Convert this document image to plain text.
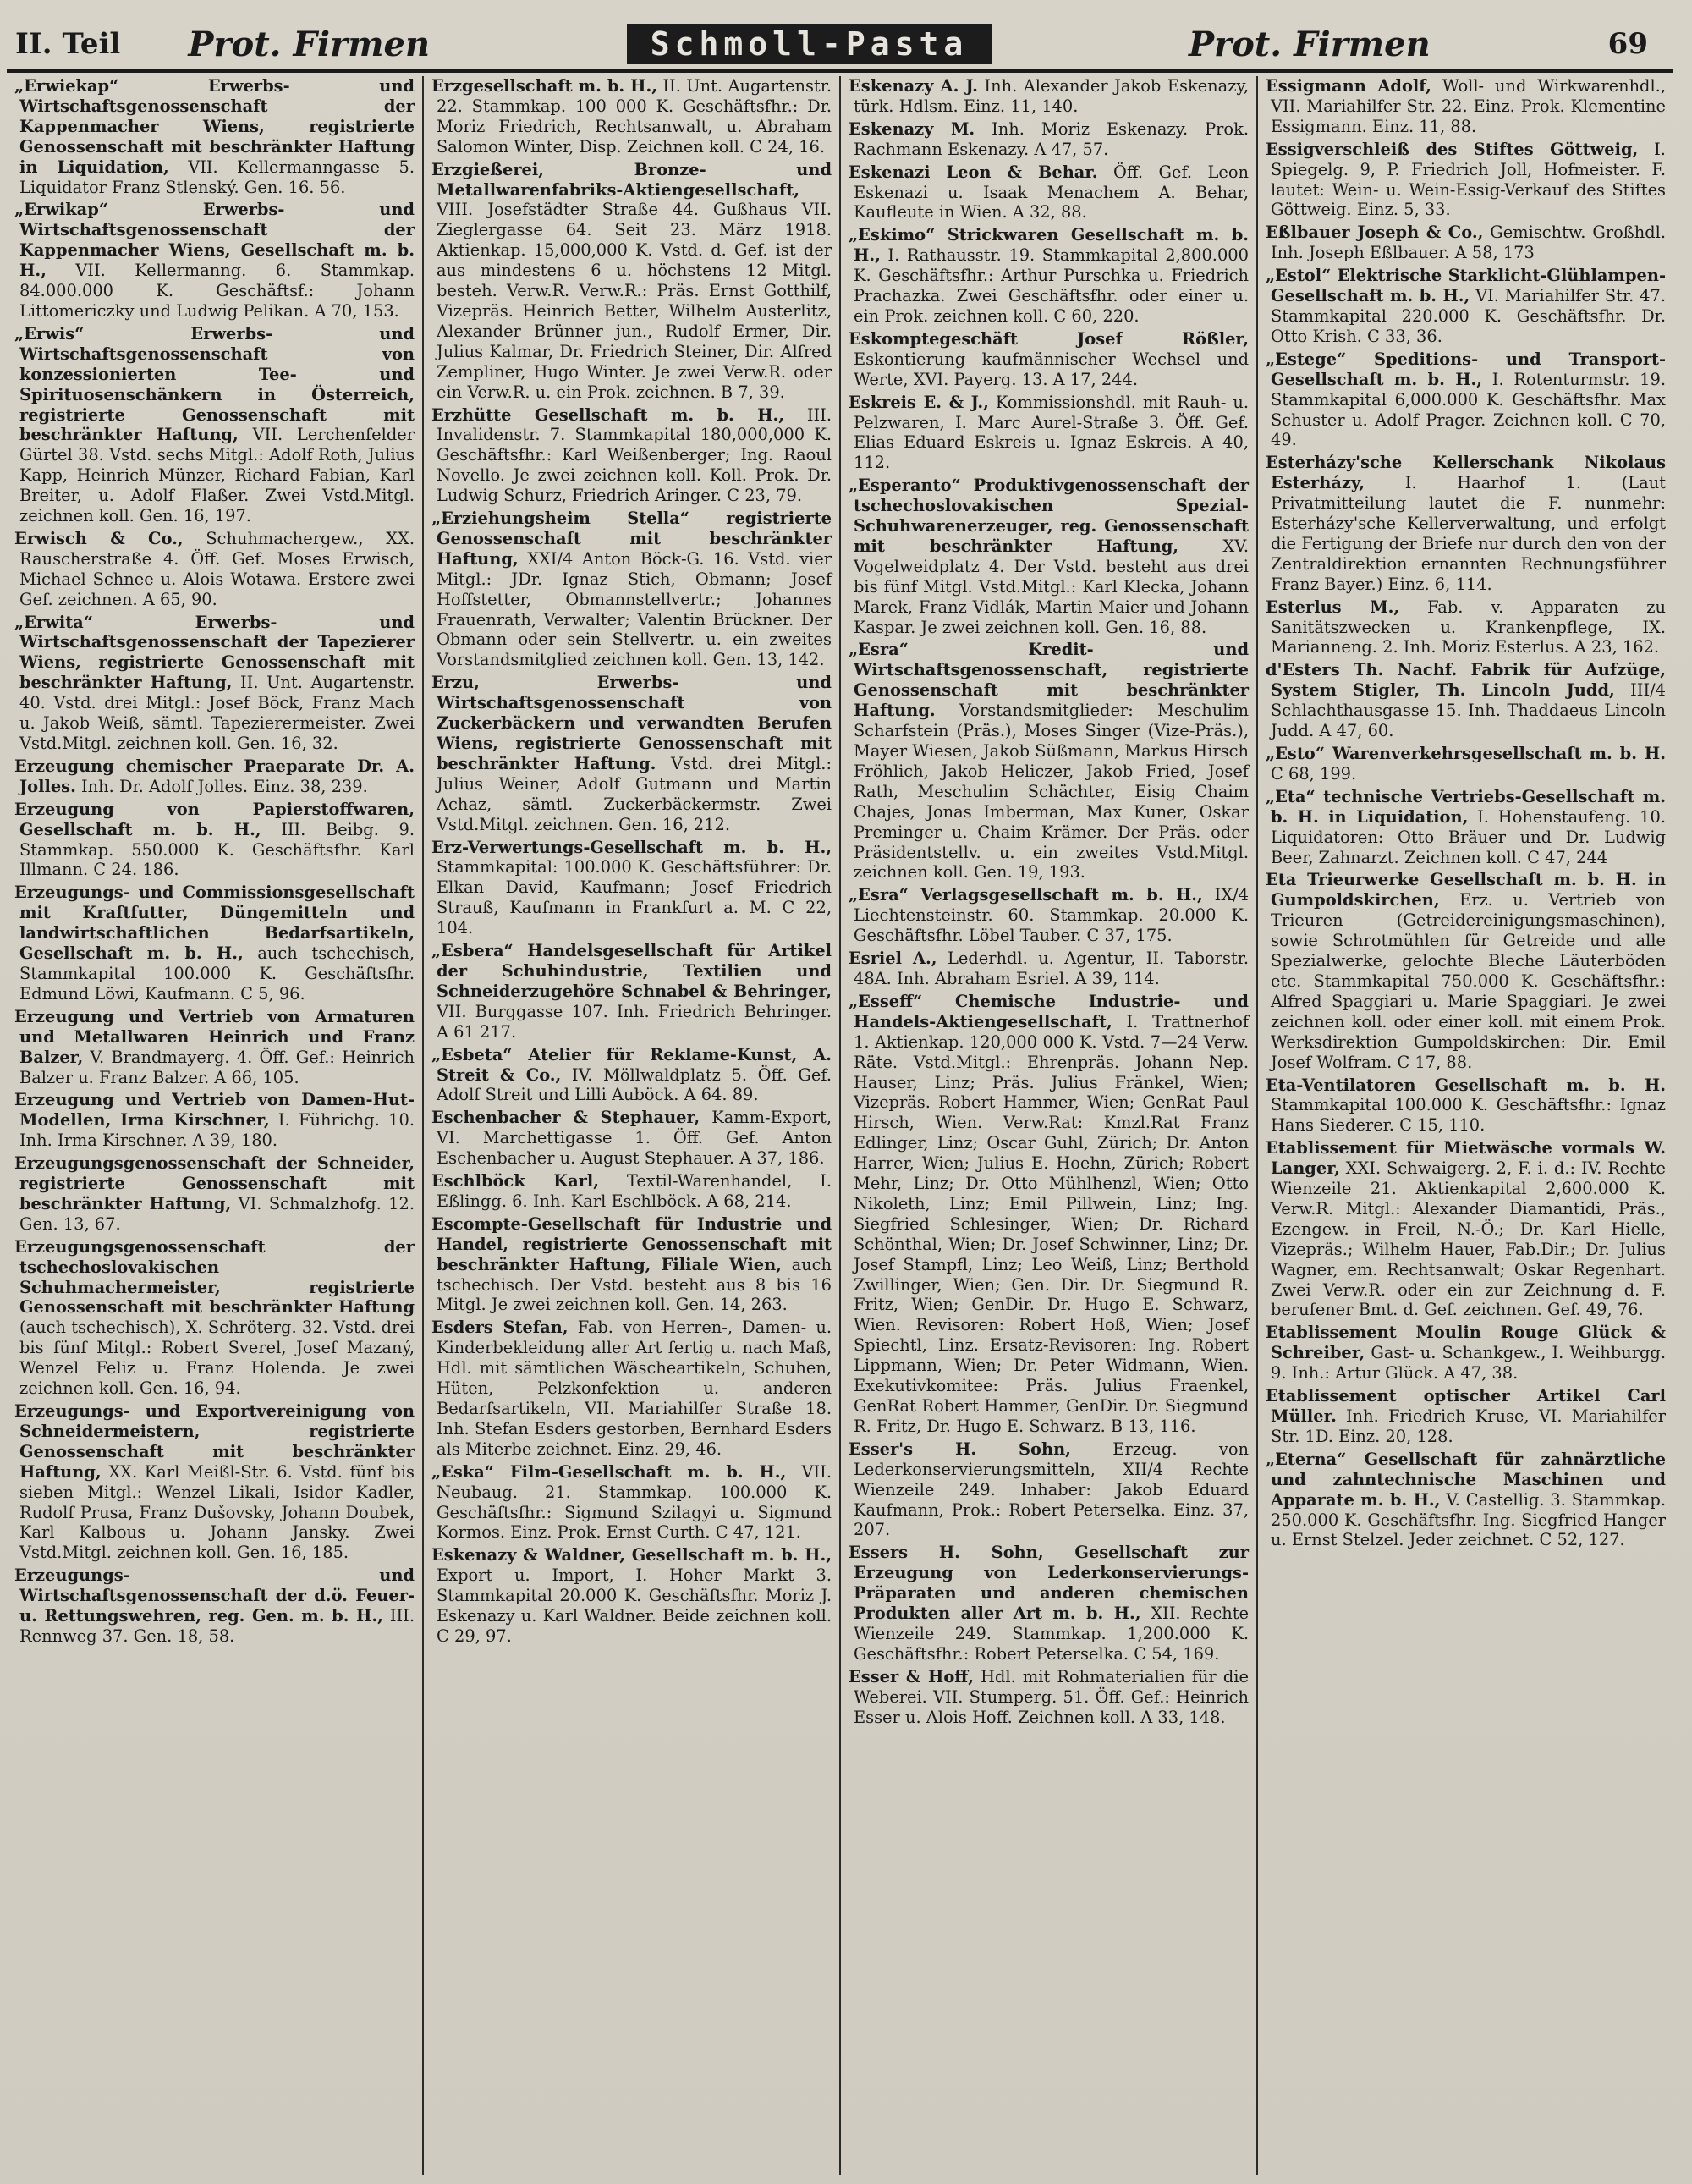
II. Teil Prot. Firmen	Schmoll-Pasta	Prot. Firmen	69

„Erwiekap“ Erwerbs- und Wirtschaftsgenossenschaft der Kappenmacher Wiens, registrierte Genossenschaft mit beschränkter Haftung in Liquidation, VII. Kellermanngasse 5. Liquidator Franz Stlenský. Gen. 16. 56.

„Erwikap“ Erwerbs- und Wirtschaftsgenossenschaft der Kappenmacher Wiens, Gesellschaft m. b. H., VII. Kellermanng. 6. Stammkap. 84.000.000 K. Geschäftsf.: Johann Littomericzky und Ludwig Pelikan. A 70, 153.

„Erwis“ Erwerbs- und Wirtschaftsgenossenschaft von konzessionierten Tee- und Spirituosenschänkern in Österreich, registrierte Genossenschaft mit beschränkter Haftung, VII. Lerchenfelder Gürtel 38. Vstd. sechs Mitgl.: Adolf Roth, Julius Kapp, Heinrich Münzer, Richard Fabian, Karl Breiter, u. Adolf Flaßer. Zwei Vstd.Mitgl. zeichnen koll. Gen. 16, 197.

Erwisch & Co., Schuhmachergew., XX. Rauscherstraße 4. Öff. Gef. Moses Erwisch, Michael Schnee u. Alois Wotawa. Erstere zwei Gef. zeichnen. A 65, 90.

„Erwita“ Erwerbs- und Wirtschaftsgenossenschaft der Tapezierer Wiens, registrierte Genossenschaft mit beschränkter Haftung, II. Unt. Augartenstr. 40. Vstd. drei Mitgl.: Josef Böck, Franz Mach u. Jakob Weiß, sämtl. Tapezierermeister. Zwei Vstd.Mitgl. zeichnen koll. Gen. 16, 32.

Erzeugung chemischer Praeparate Dr. A. Jolles. Inh. Dr. Adolf Jolles. Einz. 38, 239.

Erzeugung von Papierstoffwaren, Gesellschaft m. b. H., III. Beibg. 9. Stammkap. 550.000 K. Geschäftsfhr. Karl Illmann. C 24. 186.

Erzeugungs- und Commissionsgesellschaft mit Kraftfutter, Düngemitteln und landwirtschaftlichen Bedarfsartikeln, Gesellschaft m. b. H., auch tschechisch, Stammkapital 100.000 K. Geschäftsfhr. Edmund Löwi, Kaufmann. C 5, 96.

Erzeugung und Vertrieb von Armaturen und Metallwaren Heinrich und Franz Balzer, V. Brandmayerg. 4. Öff. Gef.: Heinrich Balzer u. Franz Balzer. A 66, 105.

Erzeugung und Vertrieb von Damen-Hut-Modellen, Irma Kirschner, I. Führichg. 10. Inh. Irma Kirschner. A 39, 180.

Erzeugungsgenossenschaft der Schneider, registrierte Genossenschaft mit beschränkter Haftung, VI. Schmalzhofg. 12. Gen. 13, 67.

Erzeugungsgenossenschaft der tschechoslovakischen Schuhmachermeister, registrierte Genossenschaft mit beschränkter Haftung (auch tschechisch), X. Schröterg. 32. Vstd. drei bis fünf Mitgl.: Robert Sverel, Josef Mazaný, Wenzel Feliz u. Franz Holenda. Je zwei zeichnen koll. Gen. 16, 94.

Erzeugungs- und Exportvereinigung von Schneidermeistern, registrierte Genossenschaft mit beschränkter Haftung, XX. Karl Meißl-Str. 6. Vstd. fünf bis sieben Mitgl.: Wenzel Likali, Isidor Kadler, Rudolf Prusa, Franz Dušovsky, Johann Doubek, Karl Kalbous u. Johann Jansky. Zwei Vstd.Mitgl. zeichnen koll. Gen. 16, 185.

Erzeugungs- und Wirtschaftsgenossenschaft der d.ö. Feuer- u. Rettungswehren, reg. Gen. m. b. H., III. Rennweg 37. Gen. 18, 58.

Erzgesellschaft m. b. H., II. Unt. Augartenstr. 22. Stammkap. 100 000 K. Geschäftsfhr.: Dr. Moriz Friedrich, Rechtsanwalt, u. Abraham Salomon Winter, Disp. Zeichnen koll. C 24, 16.

Erzgießerei, Bronze- und Metallwarenfabriks-Aktiengesellschaft, VIII. Josefstädter Straße 44. Gußhaus VII. Zieglergasse 64. Seit 23. März 1918. Aktienkap. 15,000,000 K. Vstd. d. Gef. ist der aus mindestens 6 u. höchstens 12 Mitgl. besteh. Verw.R. Verw.R.: Präs. Ernst Gotthilf, Vizepräs. Heinrich Better, Wilhelm Austerlitz, Alexander Brünner jun., Rudolf Ermer, Dir. Julius Kalmar, Dr. Friedrich Steiner, Dir. Alfred Zempliner, Hugo Winter. Je zwei Verw.R. oder ein Verw.R. u. ein Prok. zeichnen. B 7, 39.

Erzhütte Gesellschaft m. b. H., III. Invalidenstr. 7. Stammkapital 180,000,000 K. Geschäftsfhr.: Karl Weißenberger; Ing. Raoul Novello. Je zwei zeichnen koll. Koll. Prok. Dr. Ludwig Schurz, Friedrich Aringer. C 23, 79.

„Erziehungsheim Stella“ registrierte Genossenschaft mit beschränkter Haftung, XXI/4 Anton Böck-G. 16. Vstd. vier Mitgl.: JDr. Ignaz Stich, Obmann; Josef Hoffstetter, Obmannstellvertr.; Johannes Frauenrath, Verwalter; Valentin Brückner. Der Obmann oder sein Stellvertr. u. ein zweites Vorstandsmitglied zeichnen koll. Gen. 13, 142.

Erzu, Erwerbs- und Wirtschaftsgenossenschaft von Zuckerbäckern und verwandten Berufen Wiens, registrierte Genossenschaft mit beschränkter Haftung. Vstd. drei Mitgl.: Julius Weiner, Adolf Gutmann und Martin Achaz, sämtl. Zuckerbäckermstr. Zwei Vstd.Mitgl. zeichnen. Gen. 16, 212.

Erz-Verwertungs-Gesellschaft m. b. H., Stammkapital: 100.000 K. Geschäftsführer: Dr. Elkan David, Kaufmann; Josef Friedrich Strauß, Kaufmann in Frankfurt a. M. C 22, 104.

„Esbera“ Handelsgesellschaft für Artikel der Schuhindustrie, Textilien und Schneiderzugehöre Schnabel & Behringer, VII. Burggasse 107. Inh. Friedrich Behringer. A 61 217.

„Esbeta“ Atelier für Reklame-Kunst, A. Streit & Co., IV. Möllwaldplatz 5. Öff. Gef. Adolf Streit und Lilli Auböck. A 64. 89.

Eschenbacher & Stephauer, Kamm-Export, VI. Marchettigasse 1. Öff. Gef. Anton Eschenbacher u. August Stephauer. A 37, 186.

Eschlböck Karl, Textil-Warenhandel, I. Eßlingg. 6. Inh. Karl Eschlböck. A 68, 214.

Escompte-Gesellschaft für Industrie und Handel, registrierte Genossenschaft mit beschränkter Haftung, Filiale Wien, auch tschechisch. Der Vstd. besteht aus 8 bis 16 Mitgl. Je zwei zeichnen koll. Gen. 14, 263.

Esders Stefan, Fab. von Herren-, Damen- u. Kinderbekleidung aller Art fertig u. nach Maß, Hdl. mit sämtlichen Wäscheartikeln, Schuhen, Hüten, Pelzkonfektion u. anderen Bedarfsartikeln, VII. Mariahilfer Straße 18. Inh. Stefan Esders gestorben, Bernhard Esders als Miterbe zeichnet. Einz. 29, 46.

„Eska“ Film-Gesellschaft m. b. H., VII. Neubaug. 21. Stammkap. 100.000 K. Geschäftsfhr.: Sigmund Szilagyi u. Sigmund Kormos. Einz. Prok. Ernst Curth. C 47, 121.

Eskenazy & Waldner, Gesellschaft m. b. H., Export u. Import, I. Hoher Markt 3. Stammkapital 20.000 K. Geschäftsfhr. Moriz J. Eskenazy u. Karl Waldner. Beide zeichnen koll. C 29, 97.

Eskenazy A. J. Inh. Alexander Jakob Eskenazy, türk. Hdlsm. Einz. 11, 140.

Eskenazy M. Inh. Moriz Eskenazy. Prok. Rachmann Eskenazy. A 47, 57.

Eskenazi Leon & Behar. Öff. Gef. Leon Eskenazi u. Isaak Menachem A. Behar, Kaufleute in Wien. A 32, 88.

„Eskimo“ Strickwaren Gesellschaft m. b. H., I. Rathausstr. 19. Stammkapital 2,800.000 K. Geschäftsfhr.: Arthur Purschka u. Friedrich Prachazka. Zwei Geschäftsfhr. oder einer u. ein Prok. zeichnen koll. C 60, 220.

Eskomptegeschäft Josef Rößler, Eskontierung kaufmännischer Wechsel und Werte, XVI. Payerg. 13. A 17, 244.

Eskreis E. & J., Kommissionshdl. mit Rauh- u. Pelzwaren, I. Marc Aurel-Straße 3. Öff. Gef. Elias Eduard Eskreis u. Ignaz Eskreis. A 40, 112.

„Esperanto“ Produktivgenossenschaft der tschechoslovakischen Spezial-Schuhwarenerzeuger, reg. Genossenschaft mit beschränkter Haftung, XV. Vogelweidplatz 4. Der Vstd. besteht aus drei bis fünf Mitgl. Vstd.Mitgl.: Karl Klecka, Johann Marek, Franz Vidlák, Martin Maier und Johann Kaspar. Je zwei zeichnen koll. Gen. 16, 88.

„Esra“ Kredit- und Wirtschaftsgenossenschaft, registrierte Genossenschaft mit beschränkter Haftung. Vorstandsmitglieder: Meschulim Scharfstein (Präs.), Moses Singer (Vize-Präs.), Mayer Wiesen, Jakob Süßmann, Markus Hirsch Fröhlich, Jakob Heliczer, Jakob Fried, Josef Rath, Meschulim Schächter, Eisig Chaim Chajes, Jonas Imberman, Max Kuner, Oskar Preminger u. Chaim Krämer. Der Präs. oder Präsidentstellv. u. ein zweites Vstd.Mitgl. zeichnen koll. Gen. 19, 193.

„Esra“ Verlagsgesellschaft m. b. H., IX/4 Liechtensteinstr. 60. Stammkap. 20.000 K. Geschäftsfhr. Löbel Tauber. C 37, 175.

Esriel A., Lederhdl. u. Agentur, II. Taborstr. 48A. Inh. Abraham Esriel. A 39, 114.

„Esseff“ Chemische Industrie- und Handels-Aktiengesellschaft, I. Trattnerhof 1. Aktienkap. 120,000 000 K. Vstd. 7—24 Verw. Räte. Vstd.Mitgl.: Ehrenpräs. Johann Nep. Hauser, Linz; Präs. Julius Fränkel, Wien; Vizepräs. Robert Hammer, Wien; GenRat Paul Hirsch, Wien. Verw.Rat: Kmzl.Rat Franz Edlinger, Linz; Oscar Guhl, Zürich; Dr. Anton Harrer, Wien; Julius E. Hoehn, Zürich; Robert Mehr, Linz; Dr. Otto Mühlhenzl, Wien; Otto Nikoleth, Linz; Emil Pillwein, Linz; Ing. Siegfried Schlesinger, Wien; Dr. Richard Schönthal, Wien; Dr. Josef Schwinner, Linz; Dr. Josef Stampfl, Linz; Leo Weiß, Linz; Berthold Zwillinger, Wien; Gen. Dir. Dr. Siegmund R. Fritz, Wien; GenDir. Dr. Hugo E. Schwarz, Wien. Revisoren: Robert Hoß, Wien; Josef Spiechtl, Linz. Ersatz-Revisoren: Ing. Robert Lippmann, Wien; Dr. Peter Widmann, Wien. Exekutivkomitee: Präs. Julius Fraenkel, GenRat Robert Hammer, GenDir. Dr. Siegmund R. Fritz, Dr. Hugo E. Schwarz. B 13, 116.

Esser's H. Sohn, Erzeug. von Lederkonservierungsmitteln, XII/4 Rechte Wienzeile 249. Inhaber: Jakob Eduard Kaufmann, Prok.: Robert Peterselka. Einz. 37, 207.

Essers H. Sohn, Gesellschaft zur Erzeugung von Lederkonservierungs-Präparaten und anderen chemischen Produkten aller Art m. b. H., XII. Rechte Wienzeile 249. Stammkap. 1,200.000 K. Geschäftsfhr.: Robert Peterselka. C 54, 169.

Esser & Hoff, Hdl. mit Rohmaterialien für die Weberei. VII. Stumperg. 51. Öff. Gef.: Heinrich Esser u. Alois Hoff. Zeichnen koll. A 33, 148.

Essigmann Adolf, Woll- und Wirkwarenhdl., VII. Mariahilfer Str. 22. Einz. Prok. Klementine Essigmann. Einz. 11, 88.

Essigverschleiß des Stiftes Göttweig, I. Spiegelg. 9, P. Friedrich Joll, Hofmeister. F. lautet: Wein- u. Wein-Essig-Verkauf des Stiftes Göttweig. Einz. 5, 33.

Eßlbauer Joseph & Co., Gemischtw. Großhdl. Inh. Joseph Eßlbauer. A 58, 173

„Estol“ Elektrische Starklicht-Glühlampen-Gesellschaft m. b. H., VI. Mariahilfer Str. 47. Stammkapital 220.000 K. Geschäftsfhr. Dr. Otto Krish. C 33, 36.

„Estege“ Speditions- und Transport-Gesellschaft m. b. H., I. Rotenturmstr. 19. Stammkapital 6,000.000 K. Geschäftsfhr. Max Schuster u. Adolf Prager. Zeichnen koll. C 70, 49.

Esterházy'sche Kellerschank Nikolaus Esterházy, I. Haarhof 1. (Laut Privatmitteilung lautet die F. nunmehr: Esterházy'sche Kellerverwaltung, und erfolgt die Fertigung der Briefe nur durch den von der Zentraldirektion ernannten Rechnungsführer Franz Bayer.) Einz. 6, 114.

Esterlus M., Fab. v. Apparaten zu Sanitätszwecken u. Krankenpflege, IX. Marianneng. 2. Inh. Moriz Esterlus. A 23, 162.

d'Esters Th. Nachf. Fabrik für Aufzüge, System Stigler, Th. Lincoln Judd, III/4 Schlachthausgasse 15. Inh. Thaddaeus Lincoln Judd. A 47, 60.

„Esto“ Warenverkehrsgesellschaft m. b. H. C 68, 199.

„Eta“ technische Vertriebs-Gesellschaft m. b. H. in Liquidation, I. Hohenstaufeng. 10. Liquidatoren: Otto Bräuer und Dr. Ludwig Beer, Zahnarzt. Zeichnen koll. C 47, 244

Eta Trieurwerke Gesellschaft m. b. H. in Gumpoldskirchen, Erz. u. Vertrieb von Trieuren (Getreidereinigungsmaschinen), sowie Schrotmühlen für Getreide und alle Spezialwerke, gelochte Bleche Läuterböden etc. Stammkapital 750.000 K. Geschäftsfhr.: Alfred Spaggiari u. Marie Spaggiari. Je zwei zeichnen koll. oder einer koll. mit einem Prok. Werksdirektion Gumpoldskirchen: Dir. Emil Josef Wolfram. C 17, 88.

Eta-Ventilatoren Gesellschaft m. b. H. Stammkapital 100.000 K. Geschäftsfhr.: Ignaz Hans Siederer. C 15, 110.

Etablissement für Mietwäsche vormals W. Langer, XXI. Schwaigerg. 2, F. i. d.: IV. Rechte Wienzeile 21. Aktienkapital 2,600.000 K. Verw.R. Mitgl.: Alexander Diamantidi, Präs., Ezengew. in Freil, N.-Ö.; Dr. Karl Hielle, Vizepräs.; Wilhelm Hauer, Fab.Dir.; Dr. Julius Wagner, em. Rechtsanwalt; Oskar Regenhart. Zwei Verw.R. oder ein zur Zeichnung d. F. berufener Bmt. d. Gef. zeichnen. Gef. 49, 76.

Etablissement Moulin Rouge Glück & Schreiber, Gast- u. Schankgew., I. Weihburgg. 9. Inh.: Artur Glück. A 47, 38.

Etablissement optischer Artikel Carl Müller. Inh. Friedrich Kruse, VI. Mariahilfer Str. 1D. Einz. 20, 128.

„Eterna“ Gesellschaft für zahnärztliche und zahntechnische Maschinen und Apparate m. b. H., V. Castellig. 3. Stammkap. 250.000 K. Geschäftsfhr. Ing. Siegfried Hanger u. Ernst Stelzel. Jeder zeichnet. C 52, 127.
